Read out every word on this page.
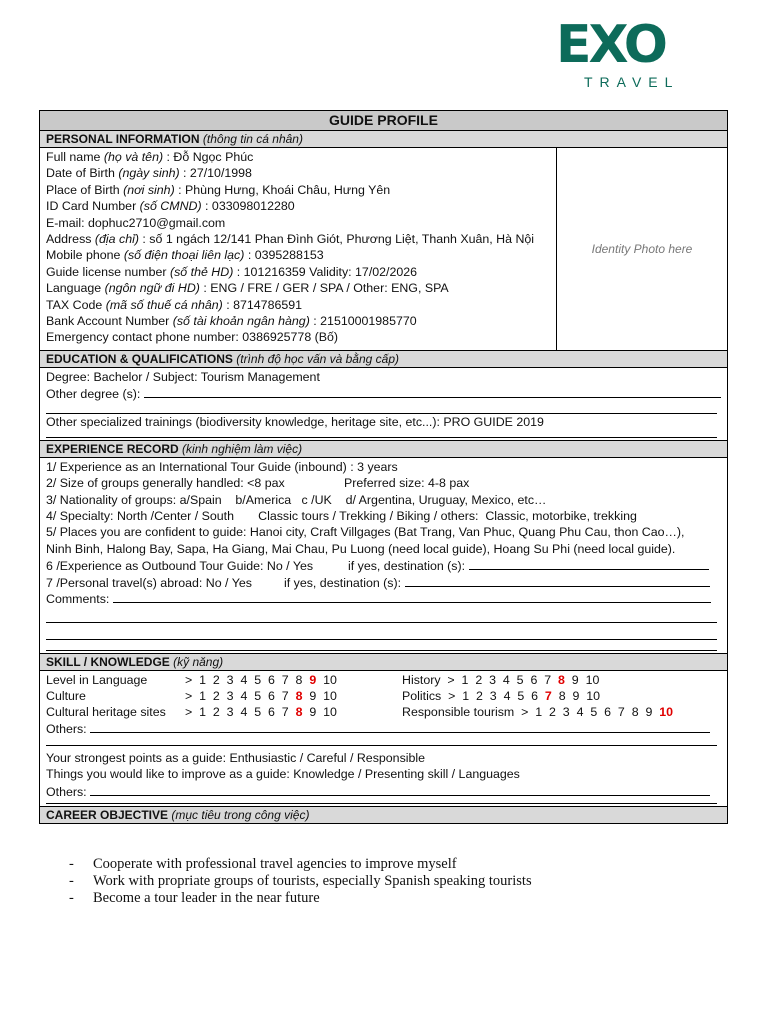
EXO
TRAVEL
GUIDE PROFILE
PERSONAL INFORMATION (thông tin cá nhân)
Full name (họ và tên) : Đỗ Ngọc Phúc
Date of Birth (ngày sinh) : 27/10/1998
Place of Birth (nơi sinh) : Phùng Hưng, Khoái Châu, Hưng Yên
ID Card Number (số CMND) : 033098012280
E-mail: dophuc2710@gmail.com
Address (địa chỉ) : số 1 ngách 12/141 Phan Đình Giót, Phương Liệt, Thanh Xuân, Hà Nội
Mobile phone (số điện thoại liên lạc) : 0395288153
Guide license number (số thẻ HD) : 101216359 Validity: 17/02/2026
Language (ngôn ngữ đi HD) : ENG / FRE / GER / SPA / Other: ENG, SPA
TAX Code (mã số thuế cá nhân) : 8714786591
Bank Account Number (số tài khoản ngân hàng) : 21510001985770
Emergency contact phone number: 0386925778 (Bố)
Identity Photo here
EDUCATION & QUALIFICATIONS (trình độ học vấn và bằng cấp)
Degree: Bachelor / Subject: Tourism Management
Other degree (s):
Other specialized trainings (biodiversity knowledge, heritage site, etc...): PRO GUIDE 2019
EXPERIENCE RECORD (kinh nghiệm làm việc)
1/ Experience as an International Tour Guide (inbound) : 3 years
2/ Size of groups generally handled: <8 pax	Preferred size: 4-8 pax
3/ Nationality of groups: a/Spain    b/America   c /UK    d/ Argentina, Uruguay, Mexico, etc…
4/ Specialty: North /Center / South       Classic tours / Trekking / Biking / others:  Classic, motorbike, trekking
5/ Places you are confident to guide: Hanoi city, Craft Villgages (Bat Trang, Van Phuc, Quang Phu Cau, thon Cao…),
Ninh Binh, Halong Bay, Sapa, Ha Giang, Mai Chau, Pu Luong (need local guide), Hoang Su Phi (need local guide).
6 /Experience as Outbound Tour Guide: No / Yes	if yes, destination (s):
7 /Personal travel(s) abroad: No / Yes	if yes, destination (s):
Comments:
SKILL / KNOWLEDGE (kỹ năng)
Level in Language	>  1  2  3  4  5  6  7  8  9  10	History  >  1  2  3  4  5  6  7  8  9  10
Culture	>  1  2  3  4  5  6  7  8  9  10	Politics  >  1  2  3  4  5  6  7  8  9  10
Cultural heritage sites	>  1  2  3  4  5  6  7  8  9  10	Responsible tourism  >  1  2  3  4  5  6  7  8  9  10
Others:
Your strongest points as a guide: Enthusiastic / Careful / Responsible
Things you would like to improve as a guide: Knowledge / Presenting skill / Languages
Others:
CAREER OBJECTIVE (mục tiêu trong công việc)
-	Cooperate with professional travel agencies to improve myself
-	Work with propriate groups of tourists, especially Spanish speaking tourists
-	Become a tour leader in the near future
